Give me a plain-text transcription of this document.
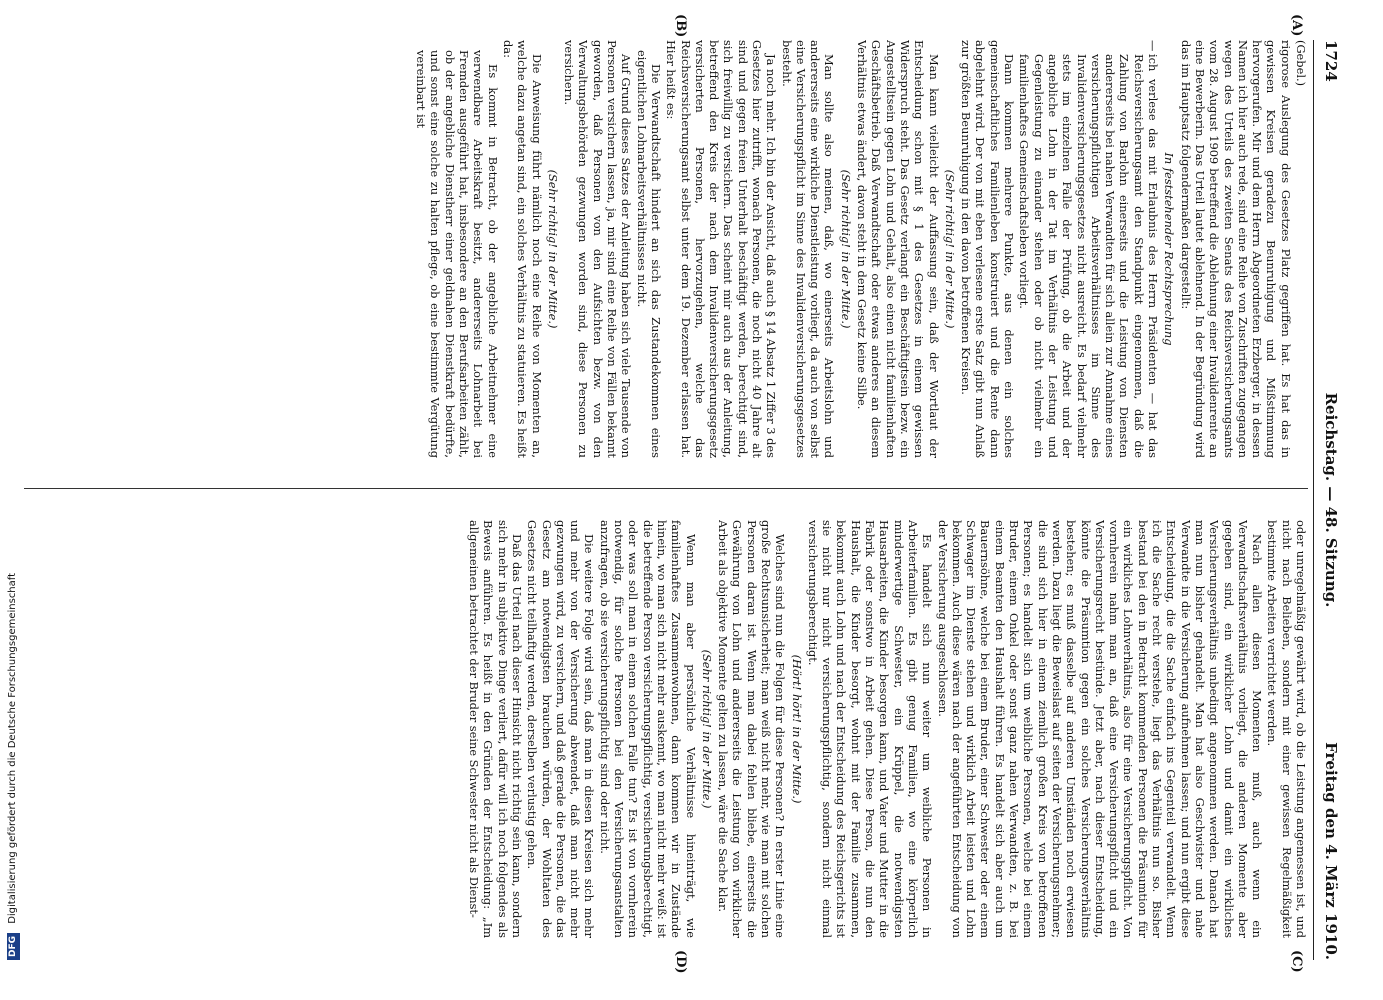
1724
Reichstag. — 48. Sitzung.
Freitag den 4. März 1910.

(Gebel.)

rigorose Auslegung des Gesetzes Platz gegriffen hat. Es hat das in gewissen Kreisen geradezu Beunruhigung und Mißstimmung hervorgerufen. Mir und dem Herrn Abgeordneten Erzberger, in dessen Namen ich hier auch rede, sind eine Reihe von Zuschriften zugegangen wegen des Urteils des zweiten Senats des Reichsversicherungsamts vom 28. August 1909 betreffend die Ablehnung einer Invalidenrente an eine Bewerberin. Das Urteil lautet ablehnend. In der Begründung wird das im Hauptsatz folgendermaßen dargestellt:

In feststehender Rechtsprechung

— ich verlese das mit Erlaubnis des Herrn Präsidenten — hat das Reichsversicherungsamt den Standpunkt eingenommen, daß die Zahlung von Barlohn einerseits und die Leistung von Diensten andererseits bei nahen Verwandten für sich allein zur Annahme eines versicherungspflichtigen Arbeitsverhältnisses im Sinne des Invalidenversicherungsgesetzes nicht ausreicht. Es bedarf vielmehr stets im einzelnen Falle der Prüfung, ob die Arbeit und der angebliche Lohn in der Tat im Verhältnis der Leistung und Gegenleistung zu einander stehen oder ob nicht vielmehr ein familienhaftes Gemeinschaftsleben vorliegt.

Dann kommen mehrere Punkte, aus denen ein solches gemeinschaftliches Familienleben konstruiert und die Rente dann abgelehnt wird. Der von mit eben verlesene erste Satz gibt nun Anlaß zur größten Beunruhigung in den davon betroffenen Kreisen.

(Sehr richtig! in der Mitte.)

Man kann vielleicht der Auffassung sein, daß der Wortlaut der Entscheidung schon mit § 1 des Gesetzes in einem gewissen Widerspruch steht. Das Gesetz verlangt ein Beschäftigtsein bezw. ein Angestelltsein gegen Lohn und Gehalt, also einen nicht familienhaften Geschäftsbetrieb. Daß Verwandtschaft oder etwas anderes an diesem Verhältnis etwas ändert, davon steht in dem Gesetz keine Silbe.

(Sehr richtig! in der Mitte.)

Man sollte also meinen, daß, wo einerseits Arbeitslohn und andererseits eine wirkliche Dienstleistung vorliegt, da auch von selbst eine Versicherungspflicht im Sinne des Invalidenversicherungsgesetzes besteht.

Ja noch mehr. Ich bin der Ansicht, daß auch § 14 Absatz 1 Ziffer 3 des Gesetzes hier zutrifft, wonach Personen, die noch nicht 40 Jahre alt sind und gegen freien Unterhalt beschäftigt werden, berechtigt sind, sich freiwillig zu versichern. Das scheint mir auch aus der Anleitung, betreffend den Kreis der nach dem Invalidenversicherungsgesetz versicherten Personen, hervorzugehen, welche das Reichsversicherungsamt selbst unter dem 19. Dezember erlassen hat. Hier heißt es:

Die Verwandtschaft hindert an sich das Zustandekommen eines eigentlichen Lohnarbeitsverhältnisses nicht.

Auf Grund dieses Satzes der Anleitung haben sich viele Tausende von Personen versichern lassen, ja, mir sind eine Reihe von Fällen bekannt geworden, daß Personen von den Aufsichten bezw. von den Verwaltungsbehörden gezwungen worden sind, diese Personen zu versichern.

(Sehr richtig! in der Mitte.)

Die Anweisung führt nämlich noch eine Reihe von Momenten an, welche dazu angetan sind, ein solches Verhältnis zu statuieren. Es heißt da:

Es kommt in Betracht, ob der angebliche Arbeitnehmer eine verwendbare Arbeitskraft besitzt, andererseits Lohnarbeit bei Fremden ausgeführt hat, insbesondere an den Berufsarbeiten zählt, ob der angebliche Dienstherr einer geldnahen Dienstkraft bedürfte, und sonst eine solche zu halten pflege, ob eine bestimmte Vergütung vereinbart ist

oder unregelmäßig gewährt wird, ob die Leistung angemessen ist, und nicht nach Belieben, sondern mit einer gewissen Regelmäßigkeit bestimmte Arbeiten verrichtet werden.

Nach allen diesen Momenten muß, auch wenn ein Verwandtschaftsverhältnis vorliegt, die anderen Momente aber gegeben sind, ein wirklicher Lohn und damit ein wirkliches Versicherungsverhältnis unbedingt angenommen werden. Danach hat man nun bisher gehandelt. Man hat also Geschwister und nahe Verwandte in die Versicherung aufnehmen lassen; und nun ergibt diese Entscheidung, die die Sache einfach ins Gegenteil verwandelt. Wenn ich die Sache recht verstehe, liegt das Verhältnis nun so. Bisher bestand bei den in Betracht kommenden Personen die Präsumtion für ein wirkliches Lohnverhältnis, also für eine Versicherungspflicht. Von vornherein nahm man an, daß eine Versicherungspflicht und ein Versicherungsrecht bestünde. Jetzt aber, nach dieser Entscheidung, könnte die Präsumtion gegen ein solches Versicherungsverhältnis bestehen; es muß dasselbe auf anderen Umständen noch erwiesen werden. Dazu liegt die Beweislast auf seiten der Versicherungsnehmer; die sind sich hier in einem ziemlich großen Kreis von betroffenen Personen; es handelt sich um weibliche Personen, welche bei einem Bruder, einem Onkel oder sonst ganz nahen Verwandten, z. B. bei einem Beamten den Haushalt führen. Es handelt sich aber auch um Bauernsöhne, welche bei einem Bruder, einer Schwester oder einem Schwager im Dienste stehen und wirklich Arbeit leisten und Lohn bekommen. Auch diese wären nach der angeführten Entscheidung von der Versicherung ausgeschlossen.

Es handelt sich nun weiter um weibliche Personen in Arbeiterfamilien. Es gibt genug Familien, wo eine körperlich minderwertige Schwester, ein Krüppel, die notwendigsten Hausarbeiten, die Kinder besorgen kann, und Vater und Mutter in die Fabrik oder sonstwo in Arbeit gehen. Diese Person, die nun den Haushalt, die Kinder besorgt, wohnt mit der Familie zusammen, bekommt auch Lohn und nach der Entscheidung des Reichsgerichts ist sie nicht nur nicht versicherungspflichtig, sondern nicht einmal versicherungsberechtigt.

(Hört! hört! in der Mitte.)

Welches sind nun die Folgen für diese Personen? In erster Linie eine große Rechtsunsicherheit; man weiß nicht mehr, wie man mit solchen Personen daran ist. Wenn man dabei fehlen bliebe, einerseits die Gewährung von Lohn und andererseits die Leistung von wirklicher Arbeit als objektive Momente gelten zu lassen, wäre die Sache klar.

(Sehr richtig! in der Mitte.)

Wenn man aber persönliche Verhältnisse hineinträgt, wie familienhaftes Zusammenwohnen, dann kommen wir in Zustände hinein, wo man sich nicht mehr auskennt, wo man nicht mehr weiß: ist die betreffende Person versicherungspflichtig, versicherungsberechtigt, oder was soll man in einem solchen Falle tun? Es ist von vornherein notwendig, für solche Personen bei den Versicherungsanstalten anzufragen, ob sie versicherungspflichtig sind oder nicht.

Die weitere Folge wird sein, daß man in diesen Kreisen sich mehr und mehr von der Versicherung abwendet, daß man nicht mehr gezwungen wird, zu versichern, und daß gerade die Personen, die das Gesetz am notwendigsten brauchen würden, der Wohltaten des Gesetzes nicht teilhaftig werden, derselben verlustig gehen.

Daß das Urteil nach dieser Hinsicht nicht richtig sein kann, sondern sich mehr in subjektive Dinge verliert, dafür will ich noch folgendes als Beweis anführen. Es heißt in den Gründen der Entscheidung: „Im allgemeinen betrachtet der Bruder seine Schwester nicht als Dienst-

(A)
(B)
(C)
(D)
DFG Digitalisierung gefördert durch die Deutsche Forschungsgemeinschaft
